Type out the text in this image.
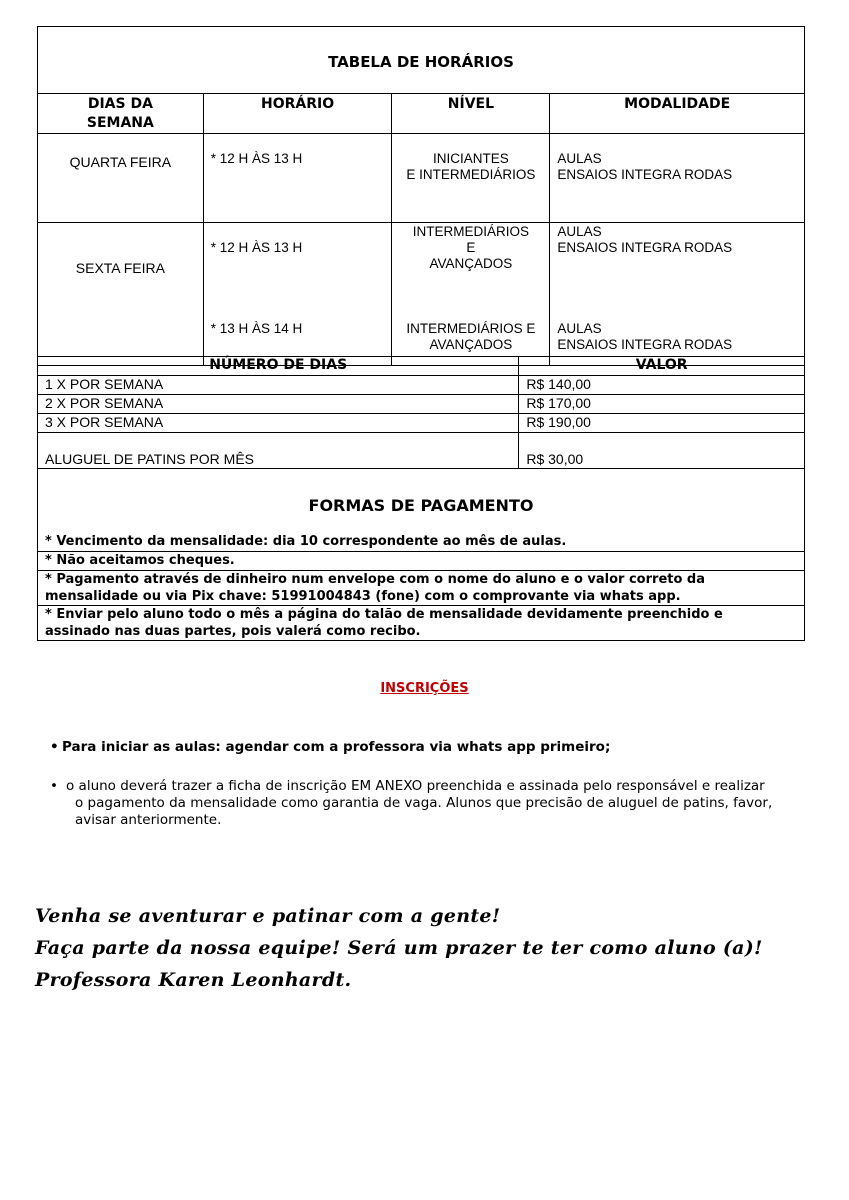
TABELA DE HORÁRIOS			
DIAS DA
SEMANA	HORÁRIO	NÍVEL	MODALIDADE
QUARTA FEIRA	* 12 H ÀS 13 H	INICIANTES
E INTERMEDIÁRIOS	AULAS
ENSAIOS INTEGRA RODAS
SEXTA FEIRA	* 12 H ÀS 13 H	INTERMEDIÁRIOS
E
AVANÇADOS	AULAS
ENSAIOS INTEGRA RODAS
	* 13 H ÀS 14 H	INTERMEDIÁRIOS E
AVANÇADOS	AULAS
ENSAIOS INTEGRA RODAS
NÚMERO DE DIAS	VALOR
1 X POR SEMANA	R$ 140,00
2 X POR SEMANA	R$ 170,00
3 X POR SEMANA	R$ 190,00
ALUGUEL DE PATINS POR MÊS	R$ 30,00
FORMAS DE PAGAMENTO	
* Vencimento da mensalidade: dia 10 correspondente ao mês de aulas.	
* Não aceitamos cheques.	
* Pagamento através de dinheiro num envelope com o nome do aluno e o valor correto da mensalidade ou via Pix chave: 51991004843 (fone) com o comprovante via whats app.	
* Enviar pelo aluno todo o mês a página do talão de mensalidade devidamente preenchido e assinado nas duas partes, pois valerá como recibo.	
INSCRIÇÕES
• Para iniciar as aulas: agendar com a professora via whats app primeiro;
• o aluno deverá trazer a ficha de inscrição EM ANEXO preenchida e assinada pelo responsável e realizar
o pagamento da mensalidade como garantia de vaga. Alunos que precisão de aluguel de patins, favor, avisar anteriormente.
Venha se aventurar e patinar com a gente!
Faça parte da nossa equipe! Será um prazer te ter como aluno (a)!
Professora Karen Leonhardt.
